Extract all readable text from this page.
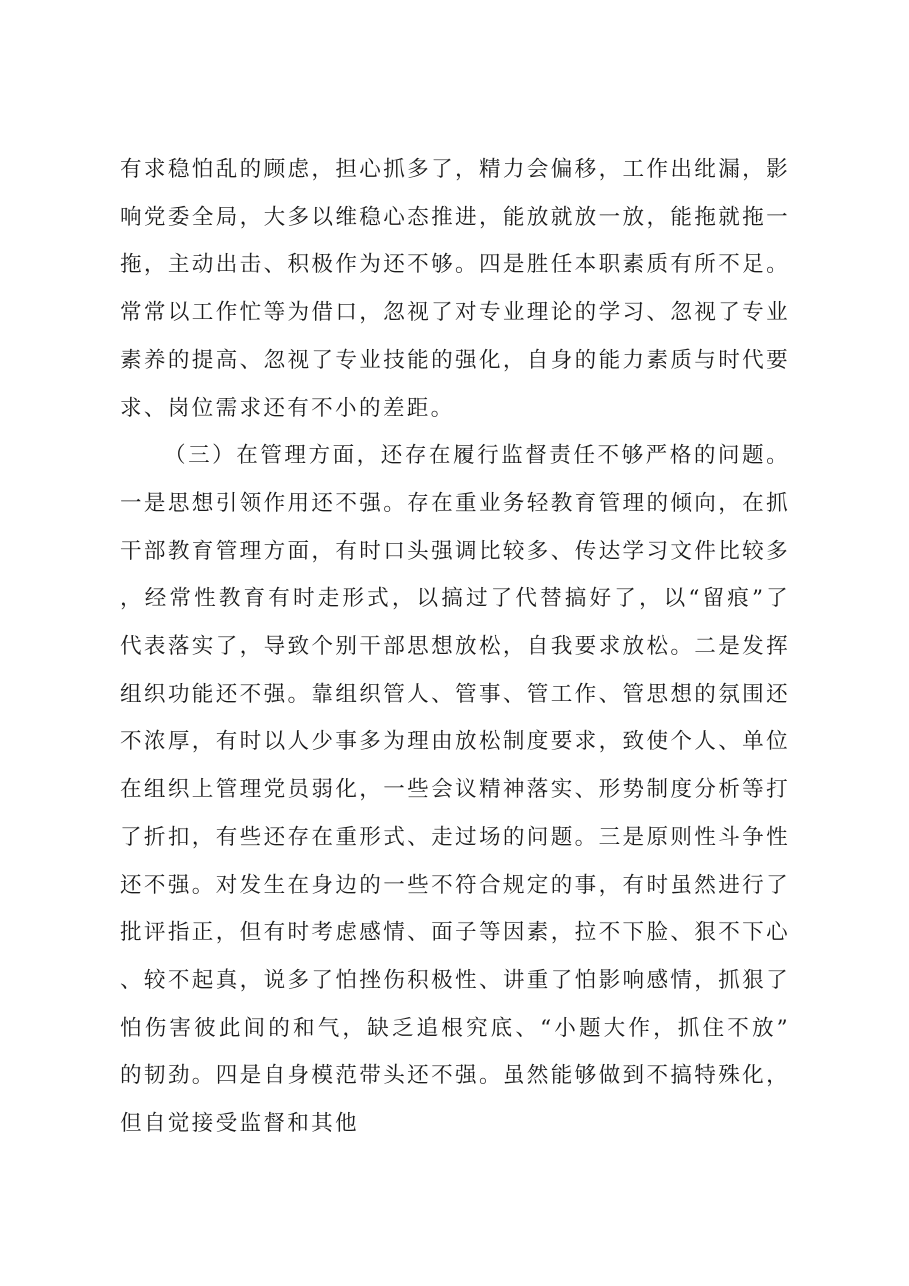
有求稳怕乱的顾虑，担心抓多了，精力会偏移，工作出纰漏，影响党委全局，大多以维稳心态推进，能放就放一放，能拖就拖一拖，主动出击、积极作为还不够。四是胜任本职素质有所不足。常常以工作忙等为借口，忽视了对专业理论的学习、忽视了专业素养的提高、忽视了专业技能的强化，自身的能力素质与时代要求、岗位需求还有不小的差距。

（三）在管理方面，还存在履行监督责任不够严格的问题。一是思想引领作用还不强。存在重业务轻教育管理的倾向，在抓干部教育管理方面，有时口头强调比较多、传达学习文件比较多，经常性教育有时走形式，以搞过了代替搞好了，以“留痕”了代表落实了，导致个别干部思想放松，自我要求放松。二是发挥组织功能还不强。靠组织管人、管事、管工作、管思想的氛围还不浓厚，有时以人少事多为理由放松制度要求，致使个人、单位在组织上管理党员弱化，一些会议精神落实、形势制度分析等打了折扣，有些还存在重形式、走过场的问题。三是原则性斗争性还不强。对发生在身边的一些不符合规定的事，有时虽然进行了批评指正，但有时考虑感情、面子等因素，拉不下脸、狠不下心、较不起真，说多了怕挫伤积极性、讲重了怕影响感情，抓狠了怕伤害彼此间的和气，缺乏追根究底、“小题大作，抓住不放”的韧劲。四是自身模范带头还不强。虽然能够做到不搞特殊化，但自觉接受监督和其他
